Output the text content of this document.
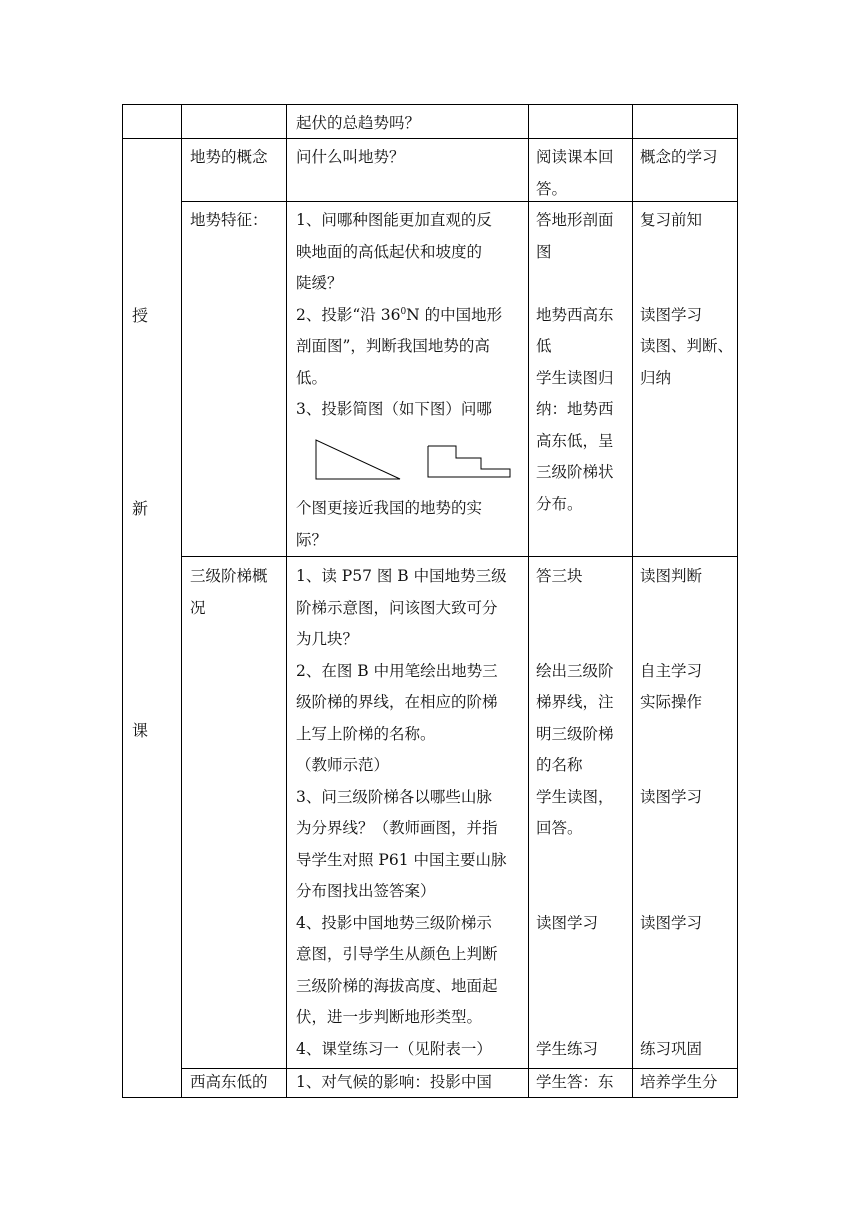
授
新
课
起伏的总趋势吗？
地势的概念 问什么叫地势？	阅读课本回
答。
概念的学习
地势特征： 1、问哪种图能更加直观的反
映地面的高低起伏和坡度的
陡缓？
2、投影“沿 $36^0N$ 的中国地形
剖面图”，判断我国地势的高
低。
3、投影简图（如下图）问哪
个图更接近我国的地势的实
际？
答地形剖面
图
地势西高东
低
学生读图归
纳：地势西
高东低，呈
三级阶梯状
分布。
复习前知
读图学习
读图、判断、
归纳
三级阶梯概
况
1、读 P57 图 B 中国地势三级
阶梯示意图，问该图大致可分
为几块？
2、在图 B 中用笔绘出地势三
级阶梯的界线，在相应的阶梯
上写上阶梯的名称。
（教师示范）
3、问三级阶梯各以哪些山脉
为分界线？（教师画图，并指
导学生对照 P61 中国主要山脉
分布图找出签答案）
4、投影中国地势三级阶梯示
意图，引导学生从颜色上判断
三级阶梯的海拔高度、地面起
伏，进一步判断地形类型。
4、课堂练习一（见附表一）
答三块
绘出三级阶
梯界线，注
明三级阶梯
的名称
学生读图，
回答。
读图学习
学生练习
读图判断
自主学习
实际操作
读图学习
读图学习
练习巩固
西高东低的 1、对气候的影响：投影中国	学生答：东 培养学生分
